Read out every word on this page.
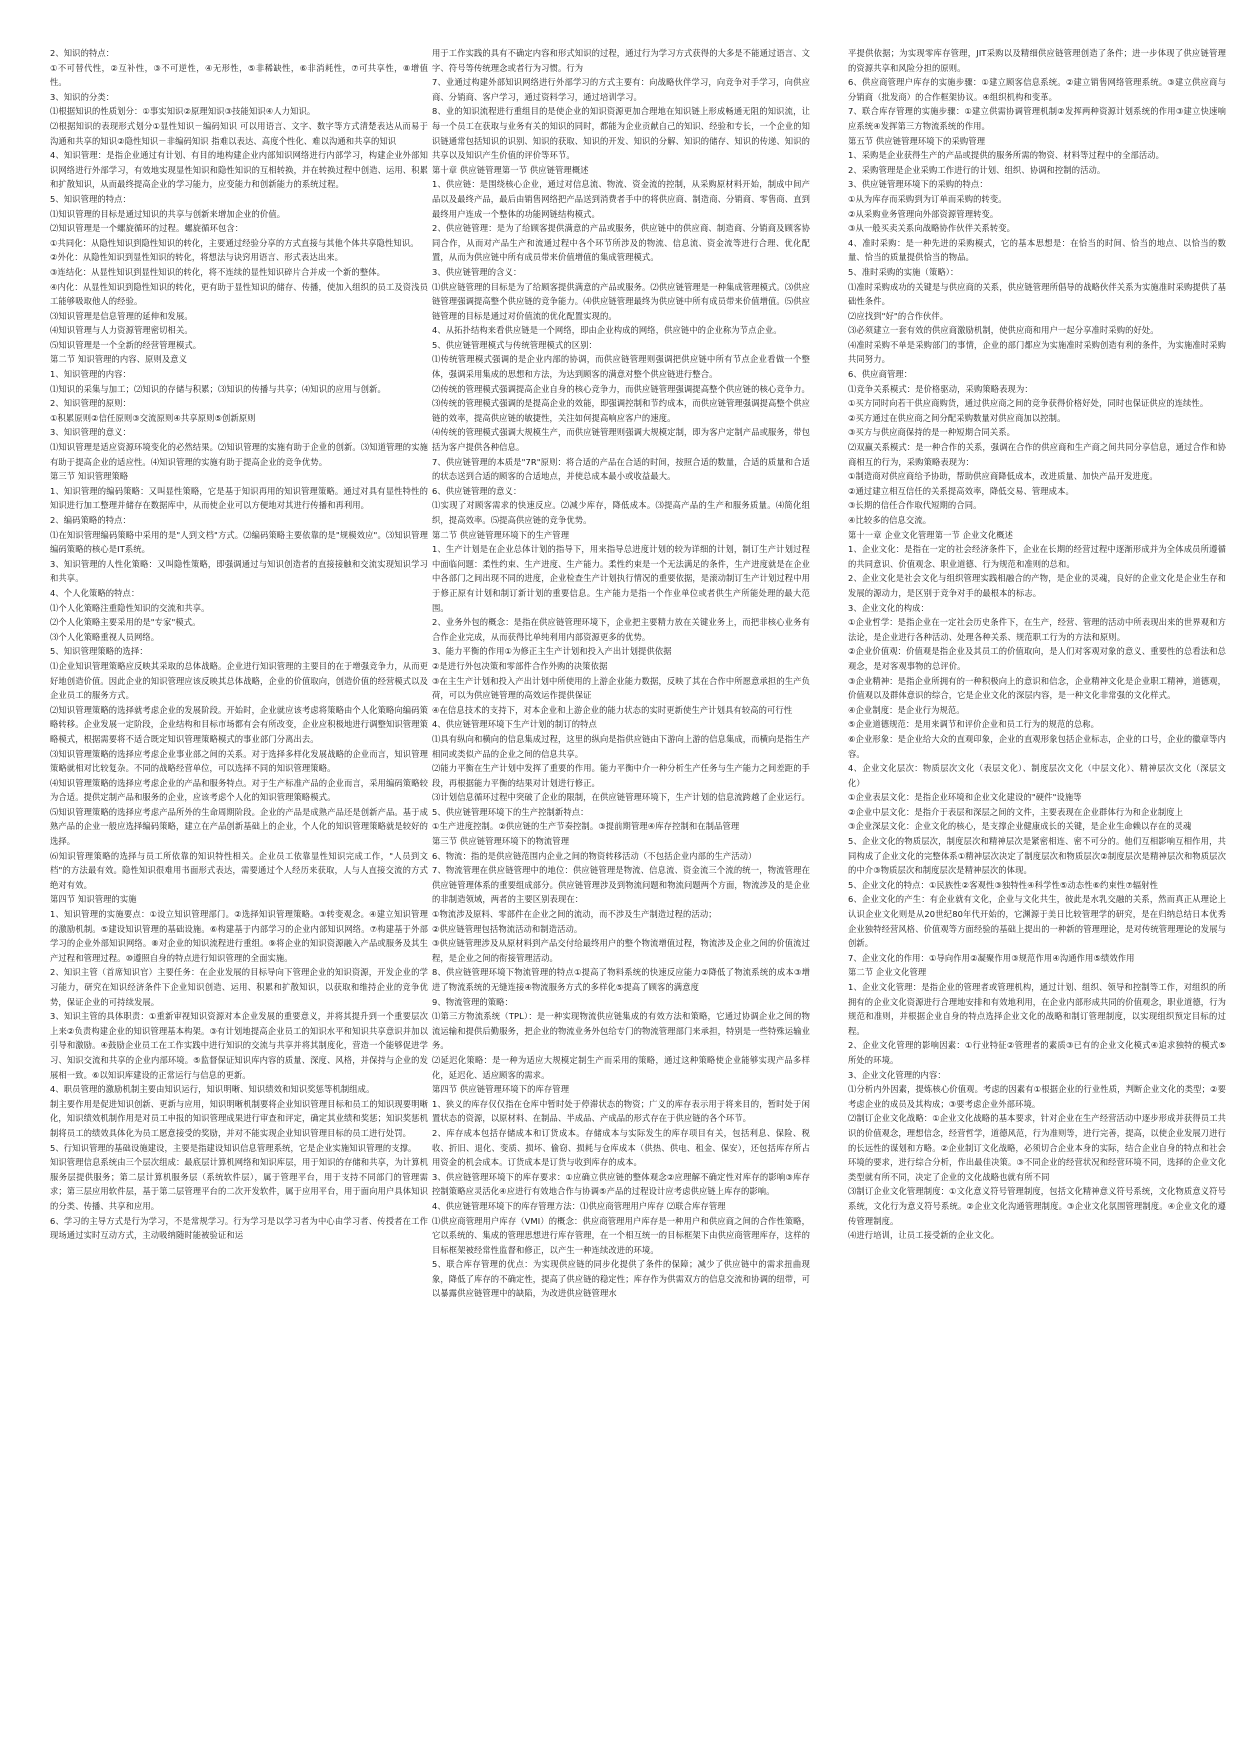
2、知识的特点：

①不可替代性，②互补性，③不可逆性，④无形性，⑤非稀缺性，⑥非消耗性，⑦可共享性，⑧增值性。

3、知识的分类：

⑴根据知识的性质划分：①事实知识②原理知识③技能知识④人力知识。

⑵根据知识的表现形式划分①显性知识－编码知识 可以用语言、文字、数字等方式清楚表达从而易于沟通和共享的知识②隐性知识－非编码知识 指难以表达、高度个性化、难以沟通和共享的知识

4、知识管理：是指企业通过有计划、有目的地构建企业内部知识网络进行内部学习，构建企业外部知识网络进行外部学习，有效地实现显性知识和隐性知识的互相转换，并在转换过程中创造、运用、积累和扩散知识，从而最终提高企业的学习能力，应变能力和创新能力的系统过程。

5、知识管理的特点：

⑴知识管理的目标是通过知识的共享与创新来增加企业的价值。

⑵知识管理是一个螺旋循环的过程。螺旋循环包含：

①共同化：从隐性知识到隐性知识的转化，主要通过经验分享的方式直接与其他个体共享隐性知识。

②外化：从隐性知识到显性知识的转化，将想法与诀窍用语言、形式表达出来。

③连结化：从显性知识到显性知识的转化，将不连续的显性知识碎片合并成一个新的整体。

④内化：从显性知识到隐性知识的转化，更有助于显性知识的储存、传播，使加入组织的员工及资浅员工能够吸取他人的经验。

⑶知识管理是信息管理的延伸和发展。

⑷知识管理与人力资源管理密切相关。

⑸知识管理是一个全新的经营管理模式。

第二节 知识管理的内容、原则及意义

1、知识管理的内容：

⑴知识的采集与加工；⑵知识的存储与积累；⑶知识的传播与共享；⑷知识的应用与创新。

2、知识管理的原则：

①积累原则②信任原则③交流原则④共享原则⑤创新原则

3、知识管理的意义：

⑴知识管理是适应资源环境变化的必然结果。⑵知识管理的实施有助于企业的创新。⑶知道管理的实施有助于提高企业的适应性。⑷知识管理的实施有助于提高企业的竞争优势。

第三节 知识管理策略

1、知识管理的编码策略：又叫显性策略，它是基于知识再用的知识管理策略。通过对具有显性特性的知识进行加工整理并储存在数据库中，从而使企业可以方便地对其进行传播和再利用。

2、编码策略的特点：

⑴在知识管理编码策略中采用的是"人到文档"方式。⑵编码策略主要依靠的是"规模效应"。⑶知识管理编码策略的核心是IT系统。

3、知识管理的人性化策略：又叫隐性策略，即强调通过与知识创造者的直接接触和交流实现知识学习和共享。

4、个人化策略的特点：

⑴个人化策略注重隐性知识的交流和共享。

⑵个人化策略主要采用的是"专家"模式。

⑶个人化策略重视人员网络。

5、知识管理策略的选择：

⑴企业知识管理策略应反映其采取的总体战略。企业进行知识管理的主要目的在于增强竞争力，从而更好地创造价值。因此企业的知识管理应该反映其总体战略，企业的价值取向，创造价值的经营模式以及企业员工的服务方式。

⑵知识管理策略的选择就考虑企业的发展阶段。开始时，企业就应该考虑将策略由个人化策略向编码策略转移。企业发展一定阶段，企业结构和目标市场都有会有所改变，企业应积极地进行调整知识管理策略模式，根据需要将不适合既定知识管理策略模式的事业部门分离出去。

⑶知识管理策略的选择应考虑企业事业部之间的关系。对于选择多样化发展战略的企业而言，知识管理策略就相对比较复杂。不同的战略经营单位，可以选择不同的知识管理策略。

⑷知识管理策略的选择应考虑企业的产品和服务特点。对于生产标准产品的企业而言，采用编码策略较为合适。提供定制产品和服务的企业，应该考虑个人化的知识管理策略模式。

⑸知识管理策略的选择应考虑产品所外的生命周期阶段。企业的产品是成熟产品还是创新产品。基于成熟产品的企业一般应选择编码策略，建立在产品创新基础上的企业，个人化的知识管理策略就是较好的选择。

⑹知识管理策略的选择与员工所依靠的知识特性相关。企业员工依靠显性知识完成工作，"人员到文档"的方法最有效。隐性知识很难用书面形式表达，需要通过个人经历来获取，人与人直接交流的方式绝对有效。

第四节 知识管理的实施

1、知识管理的实施要点：①设立知识管理部门。②选择知识管理策略。③转变观念。④建立知识管理的激励机制。⑤建设知识管理的基础设施。⑥构建基于内部学习的企业内部知识网络。⑦构建基于外部学习的企业外部知识网络。⑧对企业的知识流程进行重组。⑨将企业的知识资源融入产品或服务及其生产过程和管理过程。⑩遵照自身的特点进行知识管理的全面实施。

2、知识主管（首席知识官）主要任务：在企业发展的目标导向下管理企业的知识资源，开发企业的学习能力，研究在知识经济条件下企业知识创造、运用、积累和扩散知识，以获取和维持企业的竞争优势，保证企业的可持续发展。

3、知识主管的具体职责：①重新审视知识资源对本企业发展的重要意义，并将其提升到一个重要层次上来②负责构建企业的知识管理基本构架。③有计划地提高企业员工的知识水平和知识共享意识并加以引导和激励。④鼓励企业员工在工作实践中进行知识的交流与共享并将其制度化，营造一个能够促进学习、知识交流和共享的企业内部环境。⑤监督保证知识库内容的质量、深度、风格，并保持与企业的发展相一致。⑥以知识库建设的正常运行与信息的更新。

4、职员管理的激励机制主要由知识运行，知识明晰、知识绩效和知识奖惩等机制组成。

制主要作用是促进知识创新、更新与应用，知识明晰机制要将企业知识管理目标和员工的知识现要明晰化，知识绩效机制作用是对员工申报的知识管理成果进行审查和评定，确定其业绩和奖惩；知识奖惩机制将员工的绩效具体化为员工愿意接受的奖励，并对不能实现企业知识管理目标的员工进行处罚。

5、行知识管理的基础设施建设，主要是指建设知识信息管理系统，它是企业实施知识管理的支撑。

知识管理信息系统由三个层次组成：最底层计算机网络和知识库层，用于知识的存储和共享，为计算机服务层提供服务；第二层计算机服务层（系统软件层），属于管理平台，用于支持不同部门的管理需求；第三层应用软件层，基于第二层管理平台的二次开发软件，属于应用平台，用于面向用户具体知识的分类、传播、共享和应用。

6、学习的主导方式是行为学习，不是常规学习。行为学习是以学习者为中心由学习者、传授者在工作现场通过实时互动方式，主动吸纳随时能被验证和运

用于工作实践的具有不确定内容和形式知识的过程，通过行为学习方式获得的大多是不能通过语言、文字、符号等传统理念或者行为习惯。行为

7、业通过构建外部知识网络进行外部学习的方式主要有：向战略伙伴学习，向竞争对手学习，向供应商、分销商、客户学习，通过资料学习，通过培训学习。

8、业的知识流程进行重组目的是使企业的知识资源更加合理地在知识链上形成畅通无阻的知识流，让每一个员工在获取与业务有关的知识的同时，都能为企业贡献自己的知识、经验和专长，一个企业的知识链通常包括知识的识别、知识的获取、知识的开发、知识的分解、知识的储存、知识的传递、知识的共享以及知识产生价值的评价等环节。

第十章 供应链管理第一节 供应链管理概述

1、供应链：是围绕核心企业，通过对信息流、物流、资金流的控制，从采购原材料开始，制成中间产品以及最终产品，最后由销售网络把产品送到消费者手中的将供应商、制造商、分销商、零售商、直到最终用户连成一个整体的功能网链结构模式。

2、供应链管理：是为了给顾客提供满意的产品或服务，供应链中的供应商、制造商、分销商及顾客协同合作，从而对产品生产和流通过程中各个环节所涉及的物流、信息流、资金流等进行合理、优化配置，从而为供应链中所有成员带来价值增值的集成管理模式。

3、供应链管理的含义：

⑴供应链管理的目标是为了给顾客提供满意的产品或服务。⑵供应链管理是一种集成管理模式。⑶供应链管理强调提高整个供应链的竞争能力。⑷供应链管理最终为供应链中所有成员带来价值增值。⑸供应链管理的目标是通过对价值流的优化配置实现的。

4、从拓扑结构来看供应链是一个网络，即由企业构成的网络，供应链中的企业称为节点企业。

5、供应链管理模式与传统管理模式的区别：

⑴传统管理模式强调的是企业内部的协调，而供应链管理则强调把供应链中所有节点企业看做一个整体，强调采用集成的思想和方法，为达到顾客的满意对整个供应链进行整合。

⑵传统的管理模式强调提高企业自身的核心竞争力，而供应链管理强调提高整个供应链的核心竞争力。

⑶传统的管理模式强调的是提高企业的效能，即强调控制和节约成本，而供应链管理强调提高整个供应链的效率，提高供应链的敏捷性，关注如何提高响应客户的速度。

⑷传统的管理模式强调大规模生产，而供应链管理则强调大规模定制，即为客户定制产品或服务，带包括为客户提供各种信息。

7、供应链管理的本质是"7R"原则：将合适的产品在合适的时间，按照合适的数量，合适的质量和合适的状态送到合适的顾客的合适地点，并使总成本最小或收益最大。

6、供应链管理的意义：

⑴实现了对顾客需求的快速反应。⑵减少库存，降低成本。⑶提高产品的生产和服务质量。⑷简化组织，提高效率。⑸提高供应链的竞争优势。

第二节 供应链管理环境下的生产管理

1、生产计划是在企业总体计划的指导下，用来指导总进度计划的较为详细的计划，制订生产计划过程中面临问题：柔性约束、生产进度、生产能力。柔性约束是一个无法满足的条件，生产进度就是在企业中各部门之间出现不同的进度，企业检查生产计划执行情况的重要依据，是滚动制订生产计划过程中用于修正原有计划和制订新计划的重要信息。生产能力是指一个作业单位或者供生产所能处理的最大范围。

2、业务外包的概念：是指在供应链管理环境下，企业把主要精力放在关键业务上，而把非核心业务有合作企业完成，从而获得比单纯利用内部资源更多的优势。

3、能力平衡的作用①为修正主生产计划和投入产出计划提供依据

②是进行外包决策和零部件合作外购的决策依据

③在主生产计划和投入产出计划中所使用的上游企业能力数据，反映了其在合作中所愿意承担的生产负荷，可以为供应链管理的高效运作提供保证

④在信息技术的支持下，对本企业和上游企业的能力状态的实时更新使生产计划具有较高的可行性

4、供应链管理环境下生产计划的制订的特点

⑴具有纵向和横向的信息集成过程，这里的纵向是指供应链由下游向上游的信息集成，而横向是指生产相同或类似产品的企业之间的信息共享。

⑵能力平衡在生产计划中发挥了重要的作用。能力平衡中介一种分析生产任务与生产能力之间差距的手段，再根据能力平衡的结果对计划进行修正。

⑶计划信息循环过程中突破了企业的限制，在供应链管理环境下，生产计划的信息流跨越了企业运行。

5、供应链管理环境下的生产控制新特点：

①生产进度控制。②供应链的生产节奏控制。③提前期管理④库存控制和在制品管理

第三节 供应链管理环境下的物流管理

6、物流：指的是供应链范围内企业之间的物资转移活动（不包括企业内部的生产活动）

7、物流管理在供应链管理中的地位：供应链管理是物流、信息流、资金流三个流的统一，物流管理在供应链管理体系的重要组成部分。供应链管理涉及到物流问题和物流问题两个方面，物流涉及的是企业的非制造领域，两者的主要区别表现在：

①物流涉及原料、零部件在企业之间的流动，而不涉及生产制造过程的活动；

②供应链管理包括物流活动和制造活动。

③供应链管理涉及从原材料到产品交付给最终用户的整个物流增值过程，物流涉及企业之间的价值流过程，是企业之间的衔接管理活动。

8、供应链管理环境下物流管理的特点①提高了物料系统的快速反应能力②降低了物流系统的成本③增进了物流系统的无缝连接④物流服务方式的多样化⑤提高了顾客的满意度

9、物流管理的策略：

⑴第三方物流系统（TPL）：是一种实现物流供应链集成的有效方法和策略，它通过协调企业之间的物流运输和提供后勤服务，把企业的物流业务外包给专门的物流管理部门来承担，特别是一些特殊运输业务。

⑵延迟化策略：是一种为适应大规模定制生产而采用的策略，通过这种策略使企业能够实现产品多样化，延迟化、适应顾客的需求。

第四节 供应链管理环境下的库存管理

1、狭义的库存仅仅指在仓库中暂时处于停滞状态的物资；广义的库存表示用于将来目的，暂时处于闲置状态的资源，以原材料、在制品、半成品、产成品的形式存在于供应链的各个环节。

2、库存成本包括存储成本和订货成本。存储成本与实际发生的库存项目有关，包括利息、保险、税收、折旧、退化、变质、损坏、偷窃、损耗与仓库成本（供热、供电、租金、保安），还包括库存所占用资金的机会成本。订货成本是订货与收到库存的成本。

3、供应链管理环境下的库存要求：①应确立供应链的整体观念②应理解不确定性对库存的影响③库存控制策略应灵活化④应进行有效地合作与协调⑤产品的过程设计应考虑供应链上库存的影响。

4、供应链管理环境下的库存管理方法：⑴供应商管理用户库存 ⑵联合库存管理

⑴供应商管理用户库存（VMI）的概念：供应商管理用户库存是一种用户和供应商之间的合作性策略，它以系统的、集成的管理思想进行库存管理，在一个相互统一的目标框架下由供应商管理库存，这样的目标框架被经常性监督和修正，以产生一种连续改进的环境。

5、联合库存管理的优点：为实现供应链的同步化提供了条件的保障；减少了供应链中的需求扭曲现象，降低了库存的不确定性，提高了供应链的稳定性；库存作为供需双方的信息交流和协调的纽带，可以暴露供应链管理中的缺陷，为改进供应链管理水

平提供依据；为实现零库存管理，JIT采购以及精细供应链管理创造了条件；进一步体现了供应链管理的资源共享和风险分担的原则。

6、供应商管理户库存的实施步骤：①建立顾客信息系统。②建立销售网络管理系统。③建立供应商与分销商（批发商）的合作框架协议。④组织机构和变革。

7、联合库存管理的实施步骤：①建立供需协调管理机制②发挥两种资源计划系统的作用③建立快速响应系统④发挥第三方物流系统的作用。

第五节 供应链管理环境下的采购管理

1、采购是企业获得生产的产品或提供的服务所需的物资、材料等过程中的全部活动。

2、采购管理是企业采购工作进行的计划、组织、协调和控制的活动。

3、供应链管理环境下的采购的特点：

①从为库存而采购到为订单而采购的转变。

②从采购业务管理向外部资源管理转变。

③从一般买卖关系向战略协作伙伴关系转变。

4、准时采购：是一种先进的采购模式，它的基本思想是：在恰当的时间、恰当的地点、以恰当的数量、恰当的质量提供恰当的物品。

5、准时采购的实施（策略）：

⑴准时采购成功的关键是与供应商的关系，供应链管理所倡导的战略伙伴关系为实施准时采购提供了基础性条件。

⑵应找到"好"的合作伙伴。

⑶必须建立一套有效的供应商激励机制，使供应商和用户一起分享准时采购的好处。

⑷准时采购不单是采购部门的事情，企业的部门都应为实施准时采购创造有利的条件，为实施准时采购共同努力。

6、供应商管理：

⑴竞争关系模式：是价格驱动，采购策略表现为：

①买方同时向若干供应商购货，通过供应商之间的竞争获得价格好处，同时也保证供应的连续性。

②买方通过在供应商之间分配采购数量对供应商加以控制。

③买方与供应商保持的是一种短期合同关系。

⑵双赢关系模式：是一种合作的关系，强调在合作的供应商和生产商之间共同分享信息，通过合作和协商相互的行为，采购策略表现为：

①制造商对供应商给予协助，帮助供应商降低成本，改进质量、加快产品开发进度。

②通过建立相互信任的关系提高效率，降低交易、管理成本。

③长期的信任合作取代短期的合同。

④比较多的信息交流。

第十一章 企业文化管理第一节 企业文化概述

1、企业文化：是指在一定的社会经济条件下，企业在长期的经营过程中逐渐形成并为全体成员所遵循的共同意识、价值观念、职业道德、行为规范和准则的总和。

2、企业文化是社会文化与组织管理实践相融合的产物，是企业的灵魂，良好的企业文化是企业生存和发展的源动力，是区别于竞争对手的最根本的标志。

3、企业文化的构成：

①企业哲学：是指企业在一定社会历史条件下，在生产，经营、管理的活动中所表现出来的世界观和方法论，是企业进行各种活动、处理各种关系、规范职工行为的方法和原则。

②企业价值观：价值观是指企业及其员工的价值取向，是人们对客观对象的意义、重要性的总看法和总观念，是对客观事物的总评价。

③企业精神：是指企业所拥有的一种积极向上的意识和信念，企业精神文化是企业职工精神，道德观，价值观以及群体意识的综合，它是企业文化的深层内容，是一种文化非常强的文化样式。

④企业制度：是企业行为规范。

⑤企业道德规范：是用来调节和评价企业和员工行为的规范的总称。

⑥企业形象：是企业给大众的直观印象，企业的直观形象包括企业标志，企业的口号，企业的徽章等内容。

4、企业文化层次：物质层次文化（表层文化）、制度层次文化（中层文化）、精神层次文化（深层文化）

①企业表层文化：是指企业环境和企业文化建设的"硬件"设施等

②企业中层文化：是指介于表层和深层之间的文件，主要表现在企业群体行为和企业制度上

③企业深层文化：企业文化的核心，是支撑企业健康成长的关键，是企业生命赖以存在的灵魂

5、企业文化的物质层次，制度层次和精神层次是紧密相连、密不可分的。他们互相影响互相作用，共同构成了企业文化的完整体系①精神层次决定了制度层次和物质层次②制度层次是精神层次和物质层次的中介③物质层次和制度层次是精神层次的体现。

5、企业文化的特点：①民族性②客观性③独特性④科学性⑤动态性⑥约束性⑦辐射性

6、企业文化的产生：有企业就有文化，企业与文化共生，彼此是水乳交融的关系，然而真正从理论上认识企业文化则是从20世纪80年代开始的，它渊源于美日比较管理学的研究，是在归纳总结日本优秀企业独特经营风格、价值观等方面经验的基础上提出的一种新的管理理论，是对传统管理理论的发展与创新。

7、企业文化的作用：①导向作用②凝聚作用③规范作用④沟通作用⑤绩效作用

第二节 企业文化管理

1、企业文化管理：是指企业的管理者或管理机构，通过计划、组织、领导和控制等工作，对组织的所拥有的企业文化资源进行合理地安排和有效地利用，在企业内部形成共同的价值观念，职业道德，行为规范和准则，并根据企业自身的特点选择企业文化的战略和制订管理制度，以实现组织预定目标的过程。

2、企业文化管理的影响因素：①行业特征②管理者的素质③已有的企业文化模式④追求独特的模式⑤所处的环境。

3、企业文化管理的内容：

⑴分析内外因素，提炼核心价值观。考虑的因素有①根据企业的行业性质，判断企业文化的类型；②要考虑企业的成员及其构成；③要考虑企业外部环境。

⑵制订企业文化战略：①企业文化战略的基本要求，针对企业在生产经营活动中逐步形成并获得员工共识的价值观念，理想信念，经营哲学，道德风范，行为准则等，进行完善，提高，以使企业发展刀进行的长远性的谋划和方略。②企业制订文化战略，必须切合企业本身的实际，结合企业自身的特点和社会环境的要求，进行综合分析，作出最佳决策。③不同企业的经营状况和经营环境不同，选择的企业文化类型就有所不同，决定了企业的文化战略也就有所不同

⑶制订企业文化管理制度：①文化意义符号管理制度，包括文化精神意义符号系统，文化物质意义符号系统，文化行为意义符号系统。②企业文化沟通管理制度。③企业文化氛围管理制度。④企业文化的遵传管理制度。

⑷进行培训，让员工接受新的企业文化。
